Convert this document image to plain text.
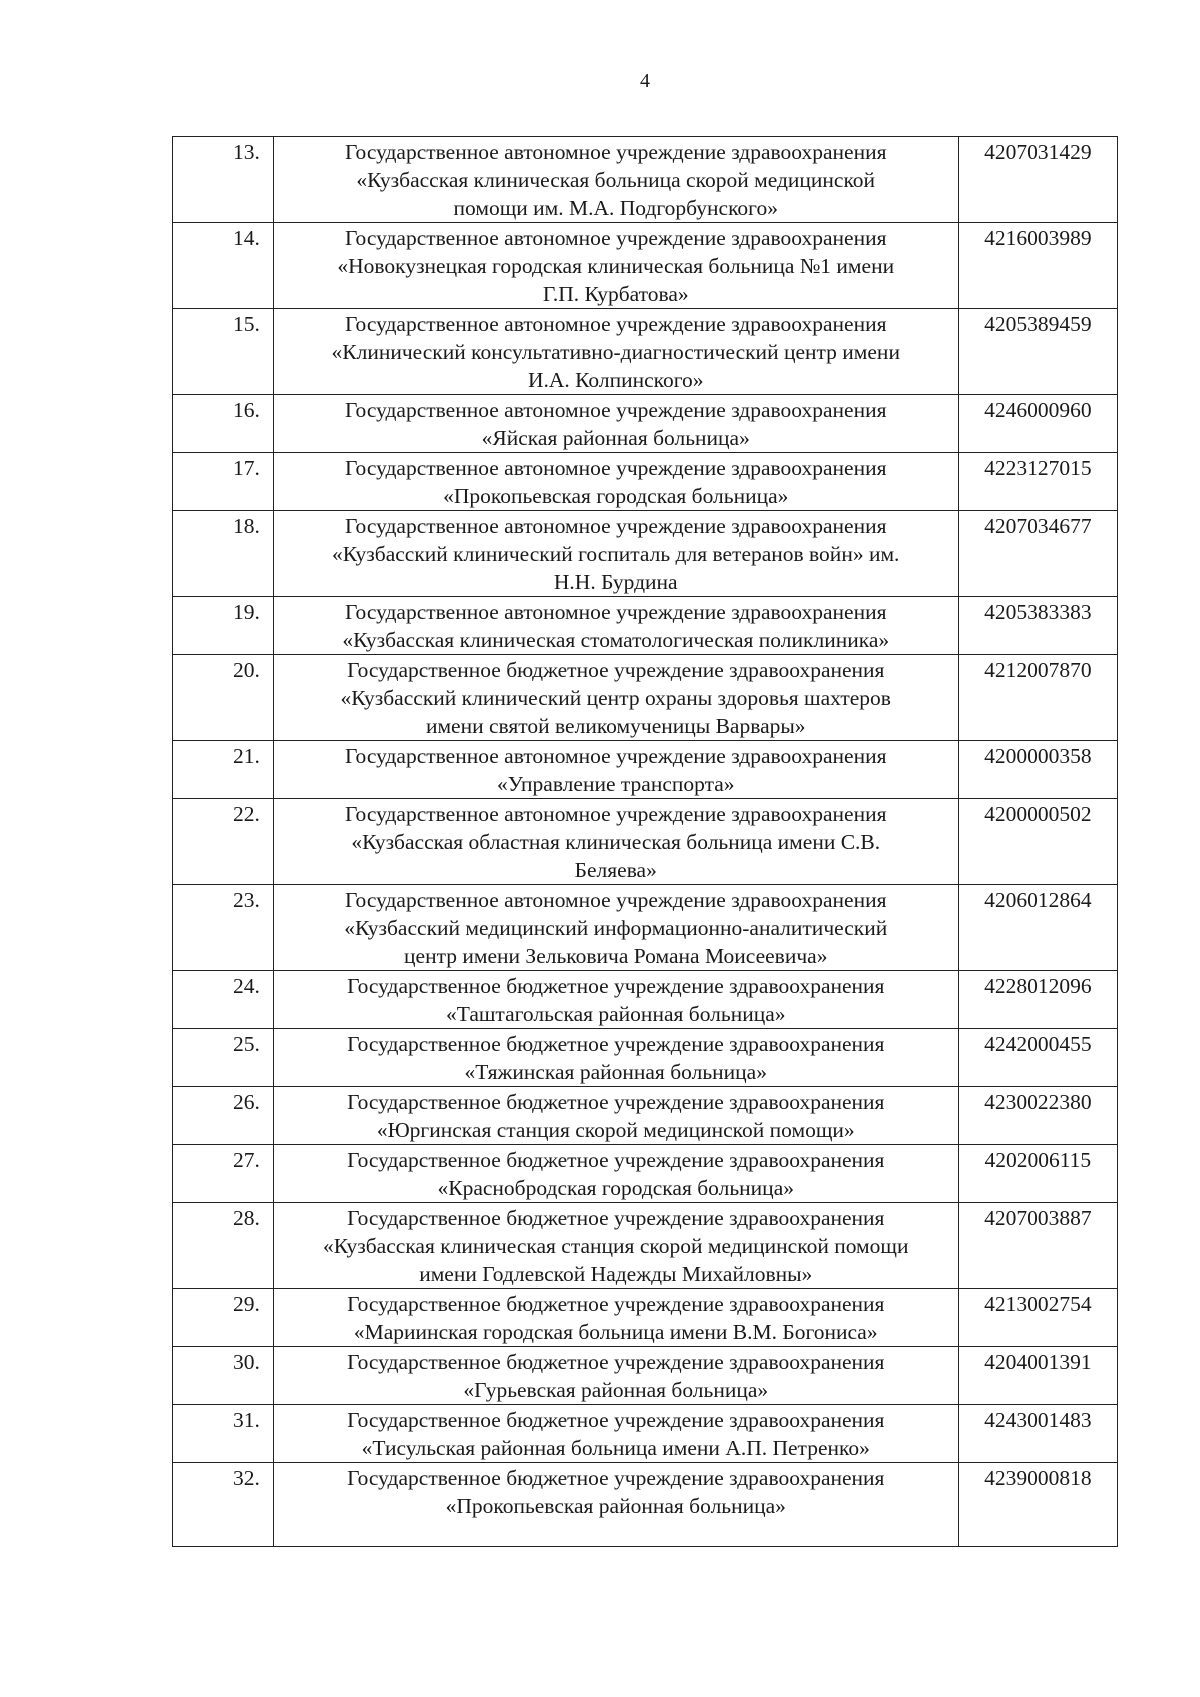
4
13.	Государственное автономное учреждение здравоохранения
«Кузбасская клиническая больница скорой медицинской
помощи им. М.А. Подгорбунского»	4207031429
14.	Государственное автономное учреждение здравоохранения
«Новокузнецкая городская клиническая больница №1 имени
Г.П. Курбатова»	4216003989
15.	Государственное автономное учреждение здравоохранения
«Клинический консультативно-диагностический центр имени
И.А. Колпинского»	4205389459
16.	Государственное автономное учреждение здравоохранения
«Яйская районная больница»	4246000960
17.	Государственное автономное учреждение здравоохранения
«Прокопьевская городская больница»	4223127015
18.	Государственное автономное учреждение здравоохранения
«Кузбасский клинический госпиталь для ветеранов войн» им.
Н.Н. Бурдина	4207034677
19.	Государственное автономное учреждение здравоохранения
«Кузбасская клиническая стоматологическая поликлиника»	4205383383
20.	Государственное бюджетное учреждение здравоохранения
«Кузбасский клинический центр охраны здоровья шахтеров
имени святой великомученицы Варвары»	4212007870
21.	Государственное автономное учреждение здравоохранения
«Управление транспорта»	4200000358
22.	Государственное автономное учреждение здравоохранения
«Кузбасская областная клиническая больница имени С.В.
Беляева»	4200000502
23.	Государственное автономное учреждение здравоохранения
«Кузбасский медицинский информационно-аналитический
центр имени Зельковича Романа Моисеевича»	4206012864
24.	Государственное бюджетное учреждение здравоохранения
«Таштагольская районная больница»	4228012096
25.	Государственное бюджетное учреждение здравоохранения
«Тяжинская районная больница»	4242000455
26.	Государственное бюджетное учреждение здравоохранения
«Юргинская станция скорой медицинской помощи»	4230022380
27.	Государственное бюджетное учреждение здравоохранения
«Краснобродская городская больница»	4202006115
28.	Государственное бюджетное учреждение здравоохранения
«Кузбасская клиническая станция скорой медицинской помощи
имени Годлевской Надежды Михайловны»	4207003887
29.	Государственное бюджетное учреждение здравоохранения
«Мариинская городская больница имени В.М. Богониса»	4213002754
30.	Государственное бюджетное учреждение здравоохранения
«Гурьевская районная больница»	4204001391
31.	Государственное бюджетное учреждение здравоохранения
«Тисульская районная больница имени А.П. Петренко»	4243001483
32.	Государственное бюджетное учреждение здравоохранения
«Прокопьевская районная больница»	4239000818
